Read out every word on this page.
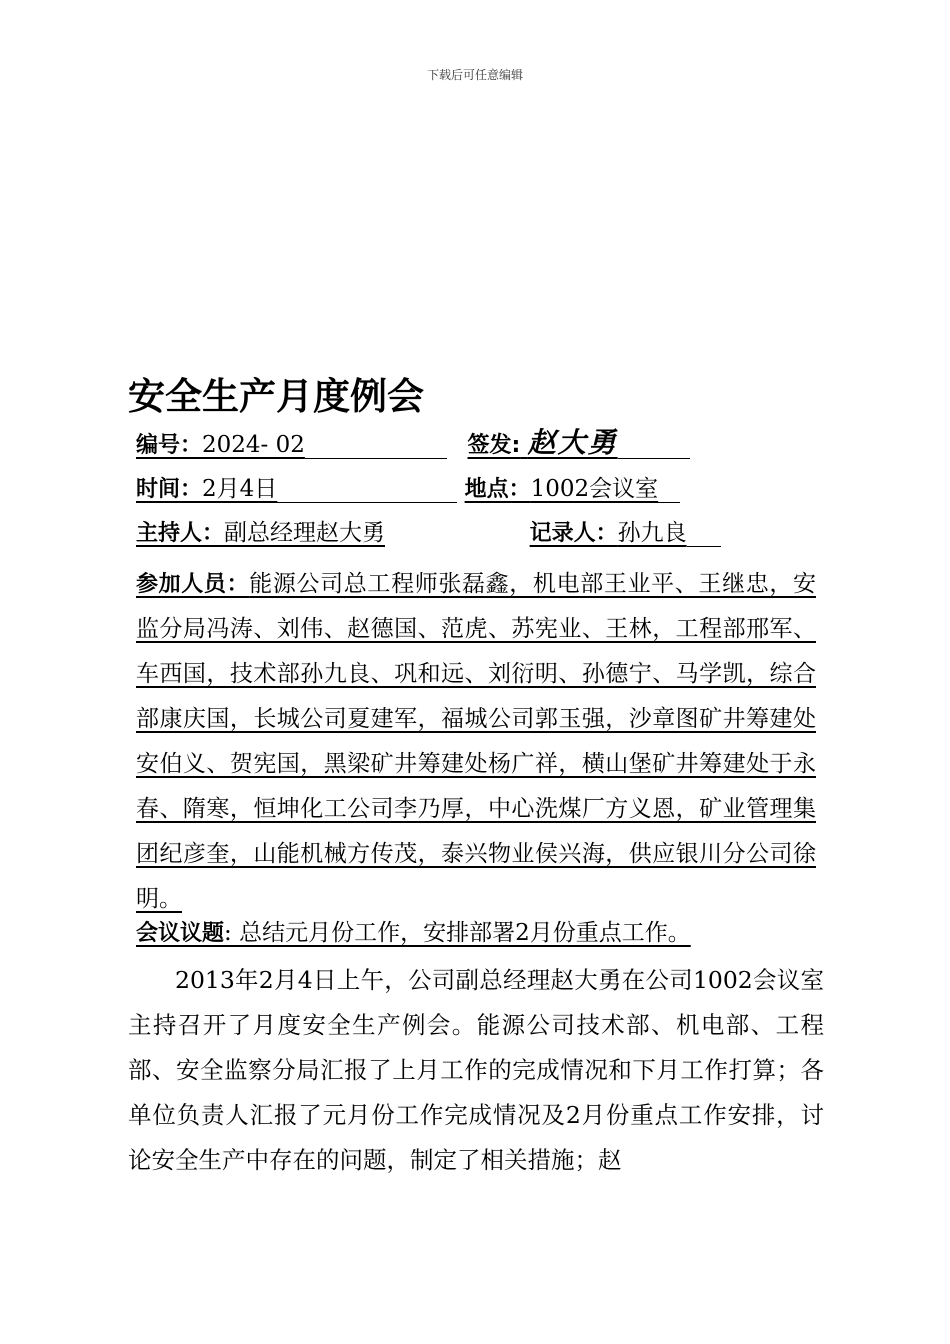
下载后可任意编辑
安全生产月度例会
编号：2024- 02	签发: 赵大勇
时间：2月4日	地点：1002会议室
主持人：副总经理赵大勇	记录人：孙九良
参加人员：能源公司总工程师张磊鑫，机电部王业平、王继忠，安监分局冯涛、刘伟、赵德国、范虎、苏宪业、王林，工程部邢军、车西国，技术部孙九良、巩和远、刘衍明、孙德宁、马学凯，综合部康庆国，长城公司夏建军，福城公司郭玉强，沙章图矿井筹建处安伯义、贺宪国，黑梁矿井筹建处杨广祥，横山堡矿井筹建处于永春、隋寒，恒坤化工公司李乃厚，中心洗煤厂方义恩，矿业管理集团纪彦奎，山能机械方传茂，泰兴物业侯兴海，供应银川分公司徐明。
会议议题: 总结元月份工作，安排部署2月份重点工作。
2013年2月4日上午，公司副总经理赵大勇在公司1002会议室主持召开了月度安全生产例会。能源公司技术部、机电部、工程部、安全监察分局汇报了上月工作的完成情况和下月工作打算；各单位负责人汇报了元月份工作完成情况及2月份重点工作安排，讨论安全生产中存在的问题，制定了相关措施；赵
